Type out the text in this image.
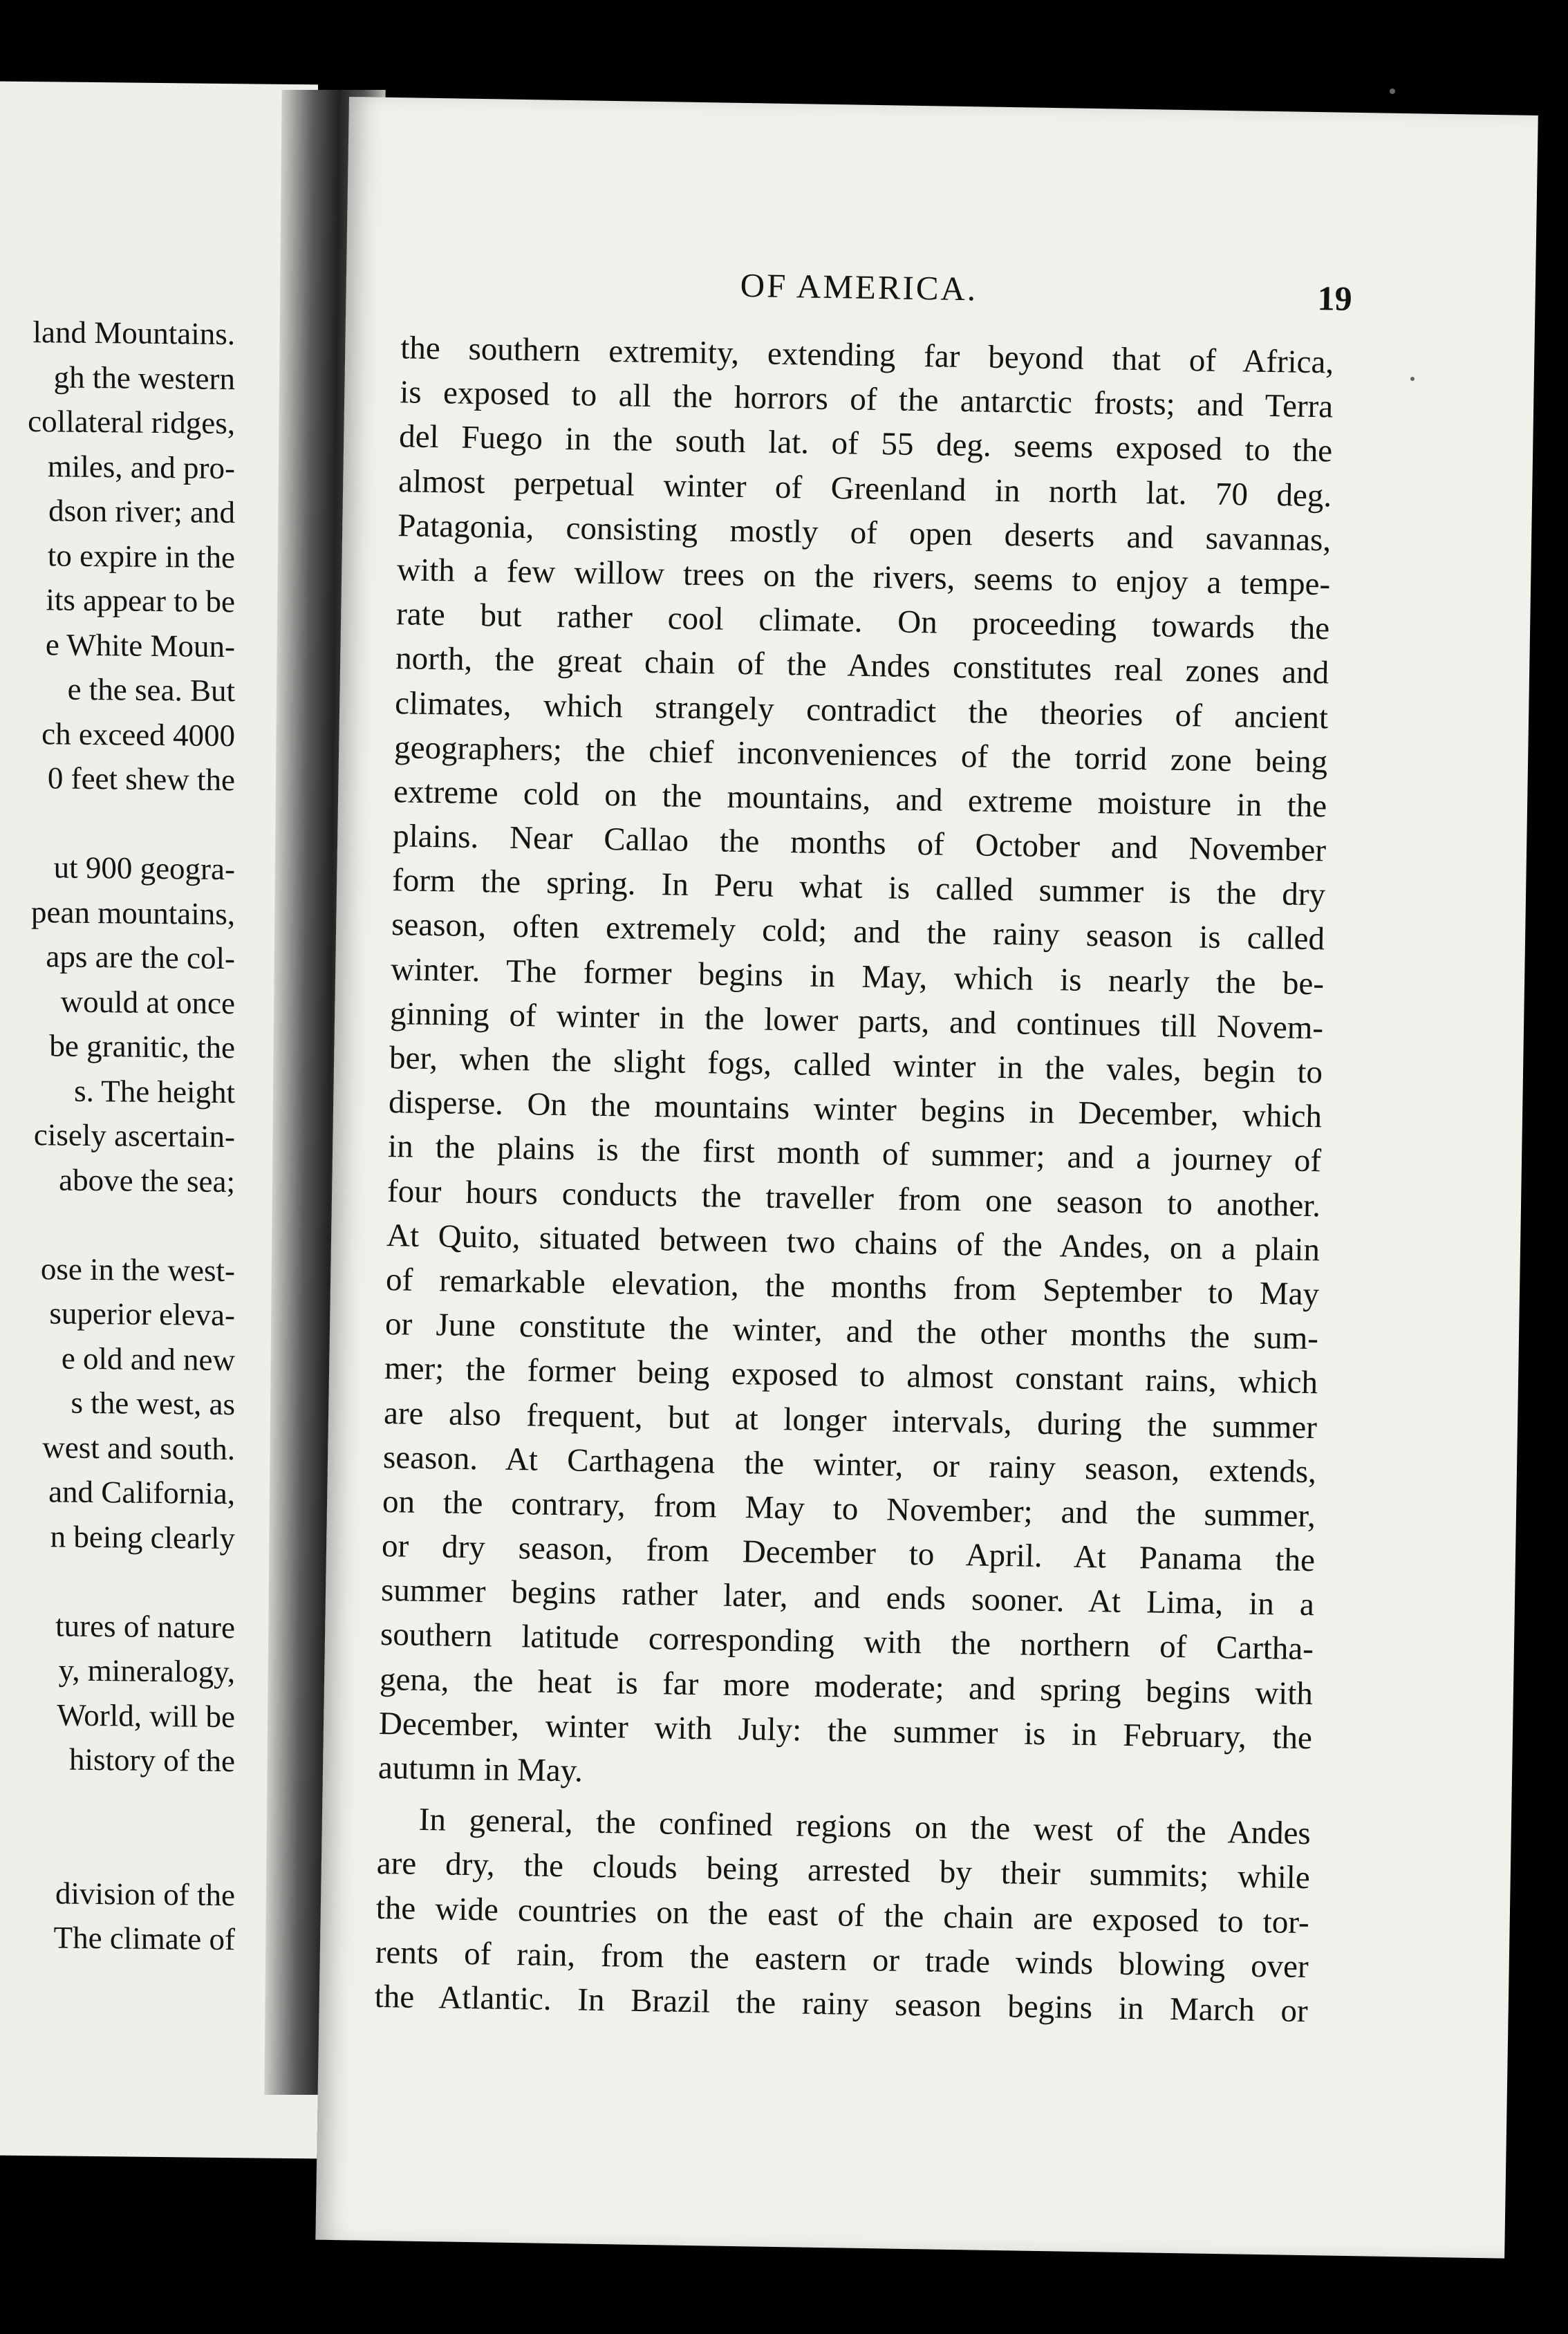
land Mountains.
gh the western
collateral ridges,
miles, and pro-
dson river; and
to expire in the
its appear to be
e White Moun-
e the sea. But
ch exceed 4000
0 feet shew the
ut 900 geogra-
pean mountains,
aps are the col-
would at once
be granitic, the
s. The height
cisely ascertain-
above the sea;
ose in the west-
superior eleva-
e old and new
s the west, as
west and south.
and California,
n being clearly
tures of nature
y, mineralogy,
World, will be
history of the
division of the
The climate of
OF AMERICA.	19
the southern extremity, extending far beyond that of Africa,
is exposed to all the horrors of the antarctic frosts; and Terra
del Fuego in the south lat. of 55 deg. seems exposed to the
almost perpetual winter of Greenland in north lat. 70 deg.
Patagonia, consisting mostly of open deserts and savannas,
with a few willow trees on the rivers, seems to enjoy a tempe-
rate but rather cool climate. On proceeding towards the
north, the great chain of the Andes constitutes real zones and
climates, which strangely contradict the theories of ancient
geographers; the chief inconveniences of the torrid zone being
extreme cold on the mountains, and extreme moisture in the
plains. Near Callao the months of October and November
form the spring. In Peru what is called summer is the dry
season, often extremely cold; and the rainy season is called
winter. The former begins in May, which is nearly the be-
ginning of winter in the lower parts, and continues till Novem-
ber, when the slight fogs, called winter in the vales, begin to
disperse. On the mountains winter begins in December, which
in the plains is the first month of summer; and a journey of
four hours conducts the traveller from one season to another.
At Quito, situated between two chains of the Andes, on a plain
of remarkable elevation, the months from September to May
or June constitute the winter, and the other months the sum-
mer; the former being exposed to almost constant rains, which
are also frequent, but at longer intervals, during the summer
season. At Carthagena the winter, or rainy season, extends,
on the contrary, from May to November; and the summer,
or dry season, from December to April. At Panama the
summer begins rather later, and ends sooner. At Lima, in a
southern latitude corresponding with the northern of Cartha-
gena, the heat is far more moderate; and spring begins with
December, winter with July: the summer is in February, the
autumn in May.
In general, the confined regions on the west of the Andes
are dry, the clouds being arrested by their summits; while
the wide countries on the east of the chain are exposed to tor-
rents of rain, from the eastern or trade winds blowing over
the Atlantic. In Brazil the rainy season begins in March or
